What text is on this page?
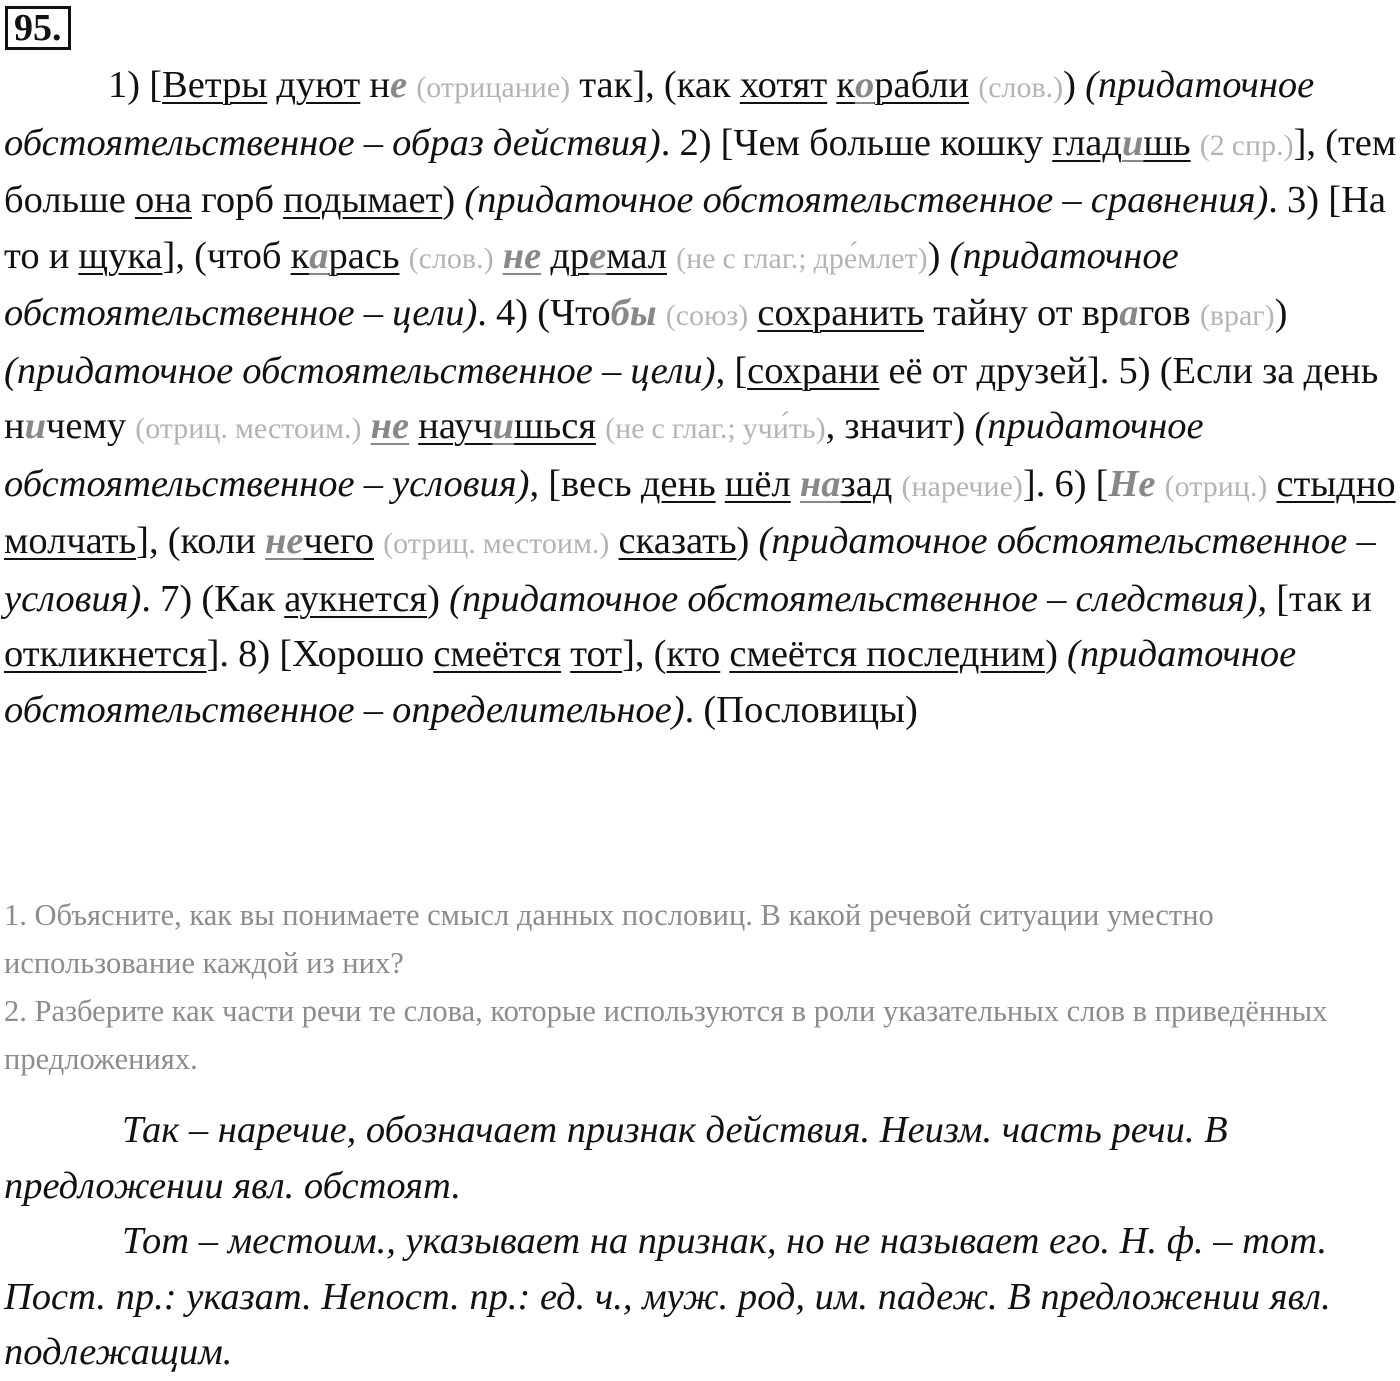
95.
1) [Ветры дуют не (отрицание) так], (как хотят корабли (слов.)) (придаточное обстоятельственное – образ действия). 2) [Чем больше кошку гладишь (2 спр.)], (тем больше она горб подымает) (придаточное обстоятельственное – сравнения). 3) [На то и щука], (чтоб карась (слов.) не дремал (не с глаг.; дре́млет)) (придаточное обстоятельственное – цели). 4) (Чтобы (союз) сохранить тайну от врагов (враг)) (придаточное обстоятельственное – цели), [сохрани её от друзей]. 5) (Если за день ничему (отриц. местоим.) не научишься (не с глаг.; учи́ть), значит) (придаточное обстоятельственное – условия), [весь день шёл назад (наречие)]. 6) [Не (отриц.) стыдно молчать], (коли нечего (отриц. местоим.) сказать) (придаточное обстоятельственное – условия). 7) (Как аукнется) (придаточное обстоятельственное – следствия), [так и откликнется]. 8) [Хорошо смеётся тот], (кто смеётся последним) (придаточное обстоятельственное – определительное). (Пословицы)
1. Объясните, как вы понимаете смысл данных пословиц. В какой речевой ситуации уместно использование каждой из них?
2. Разберите как части речи те слова, которые используются в роли указательных слов в приведённых предложениях.
Так – наречие, обозначает признак действия. Неизм. часть речи. В предложении явл. обстоят.
Тот – местоим., указывает на признак, но не называет его. Н. ф. – тот. Пост. пр.: указат. Непост. пр.: ед. ч., муж. род, им. падеж. В предложении явл. подлежащим.
